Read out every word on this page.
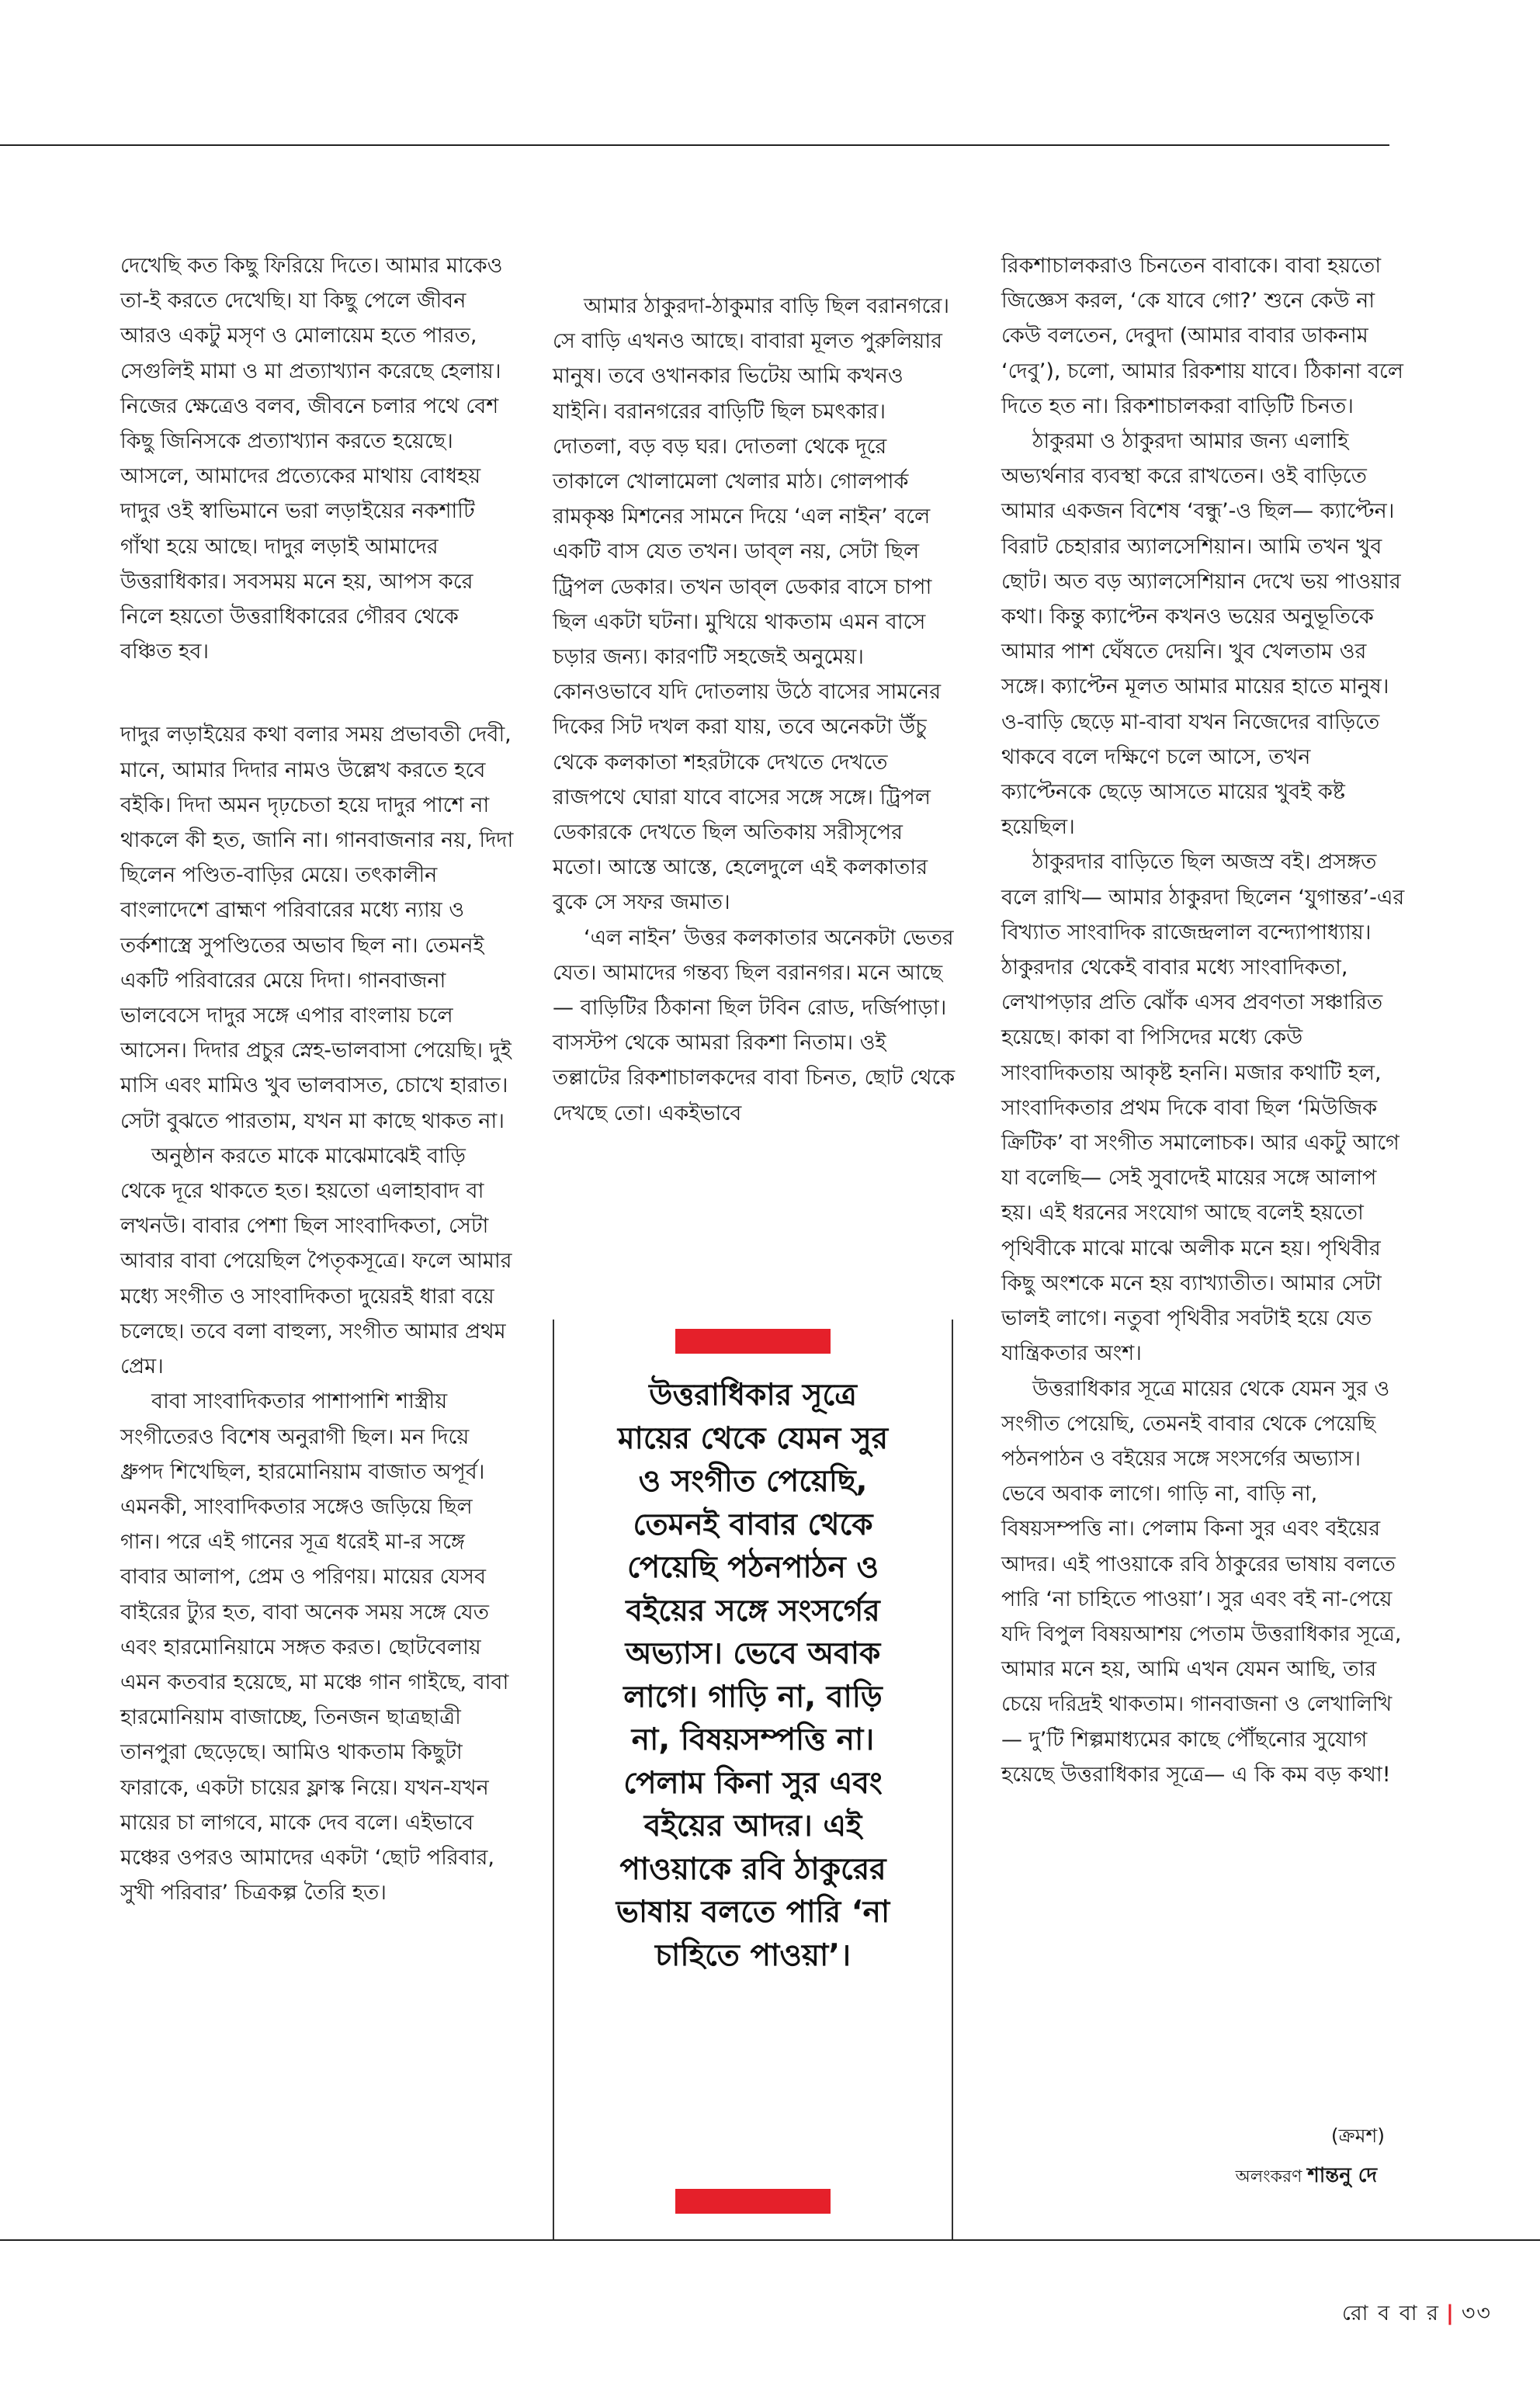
দেখেছি কত কিছু ফিরিয়ে দিতে। আমার মাকেও তা-ই করতে দেখেছি। যা কিছু পেলে জীবন আরও একটু মসৃণ ও মোলায়েম হতে পারত, সেগুলিই মামা ও মা প্রত্যাখ্যান করেছে হেলায়। নিজের ক্ষেত্রেও বলব, জীবনে চলার পথে বেশ কিছু জিনিসকে প্রত্যাখ্যান করতে হয়েছে। আসলে, আমাদের প্রত্যেকের মাথায় বোধহয় দাদুর ওই স্বাভিমানে ভরা লড়াইয়ের নকশাটি গাঁথা হয়ে আছে। দাদুর লড়াই আমাদের উত্তরাধিকার। সবসময় মনে হয়, আপস করে নিলে হয়তো উত্তরাধিকারের গৌরব থেকে বঞ্চিত হব।

দাদুর লড়াইয়ের কথা বলার সময় প্রভাবতী দেবী, মানে, আমার দিদার নামও উল্লেখ করতে হবে বইকি। দিদা অমন দৃঢ়চেতা হয়ে দাদুর পাশে না থাকলে কী হত, জানি না। গানবাজনার নয়, দিদা ছিলেন পণ্ডিত-বাড়ির মেয়ে। তৎকালীন বাংলাদেশে ব্রাহ্মণ পরিবারের মধ্যে ন্যায় ও তর্কশাস্ত্রে সুপণ্ডিতের অভাব ছিল না। তেমনই একটি পরিবারের মেয়ে দিদা। গানবাজনা ভালবেসে দাদুর সঙ্গে এপার বাংলায় চলে আসেন। দিদার প্রচুর স্নেহ-ভালবাসা পেয়েছি। দুই মাসি এবং মামিও খুব ভালবাসত, চোখে হারাত। সেটা বুঝতে পারতাম, যখন মা কাছে থাকত না।

অনুষ্ঠান করতে মাকে মাঝেমাঝেই বাড়ি থেকে দূরে থাকতে হত। হয়তো এলাহাবাদ বা লখনউ। বাবার পেশা ছিল সাংবাদিকতা, সেটা আবার বাবা পেয়েছিল পৈতৃকসূত্রে। ফলে আমার মধ্যে সংগীত ও সাংবাদিকতা দুয়েরই ধারা বয়ে চলেছে। তবে বলা বাহুল্য, সংগীত আমার প্রথম প্রেম।

বাবা সাংবাদিকতার পাশাপাশি শাস্ত্রীয় সংগীতেরও বিশেষ অনুরাগী ছিল। মন দিয়ে ধ্রুপদ শিখেছিল, হারমোনিয়াম বাজাত অপূর্ব। এমনকী, সাংবাদিকতার সঙ্গেও জড়িয়ে ছিল গান। পরে এই গানের সূত্র ধরেই মা-র সঙ্গে বাবার আলাপ, প্রেম ও পরিণয়। মায়ের যেসব বাইরের ট্যুর হত, বাবা অনেক সময় সঙ্গে যেত এবং হারমোনিয়ামে সঙ্গত করত। ছোটবেলায় এমন কতবার হয়েছে, মা মঞ্চে গান গাইছে, বাবা হারমোনিয়াম বাজাচ্ছে, তিনজন ছাত্রছাত্রী তানপুরা ছেড়েছে। আমিও থাকতাম কিছুটা ফারাকে, একটা চায়ের ফ্লাস্ক নিয়ে। যখন-যখন মায়ের চা লাগবে, মাকে দেব বলে। এইভাবে মঞ্চের ওপরও আমাদের একটা ‘ছোট পরিবার, সুখী পরিবার’ চিত্রকল্প তৈরি হত।

আমার ঠাকুরদা-ঠাকুমার বাড়ি ছিল বরানগরে। সে বাড়ি এখনও আছে। বাবারা মূলত পুরুলিয়ার মানুষ। তবে ওখানকার ভিটেয় আমি কখনও যাইনি। বরানগরের বাড়িটি ছিল চমৎকার। দোতলা, বড় বড় ঘর। দোতলা থেকে দূরে তাকালে খোলামেলা খেলার মাঠ। গোলপার্ক রামকৃষ্ণ মিশনের সামনে দিয়ে ‘এল নাইন’ বলে একটি বাস যেত তখন। ডাব্‌ল নয়, সেটা ছিল ট্রিপল ডেকার। তখন ডাব্‌ল ডেকার বাসে চাপা ছিল একটা ঘটনা। মুখিয়ে থাকতাম এমন বাসে চড়ার জন্য। কারণটি সহজেই অনুমেয়। কোনওভাবে যদি দোতলায় উঠে বাসের সামনের দিকের সিট দখল করা যায়, তবে অনেকটা উঁচু থেকে কলকাতা শহরটাকে দেখতে দেখতে রাজপথে ঘোরা যাবে বাসের সঙ্গে সঙ্গে। ট্রিপল ডেকারকে দেখতে ছিল অতিকায় সরীসৃপের মতো। আস্তে আস্তে, হেলেদুলে এই কলকাতার বুকে সে সফর জমাত।

‘এল নাইন’ উত্তর কলকাতার অনেকটা ভেতর যেত। আমাদের গন্তব্য ছিল বরানগর। মনে আছে— বাড়িটির ঠিকানা ছিল টবিন রোড, দর্জিপাড়া। বাসস্টপ থেকে আমরা রিকশা নিতাম। ওই তল্লাটের রিকশাচালকদের বাবা চিনত, ছোট থেকে দেখছে তো। একইভাবে

উত্তরাধিকার সূত্রে মায়ের থেকে যেমন সুর ও সংগীত পেয়েছি, তেমনই বাবার থেকে পেয়েছি পঠনপাঠন ও বইয়ের সঙ্গে সংসর্গের অভ্যাস। ভেবে অবাক লাগে। গাড়ি না, বাড়ি না, বিষয়সম্পত্তি না। পেলাম কিনা সুর এবং বইয়ের আদর। এই পাওয়াকে রবি ঠাকুরের ভাষায় বলতে পারি ‘না চাহিতে পাওয়া’।

রিকশাচালকরাও চিনতেন বাবাকে। বাবা হয়তো জিজ্ঞেস করল, ‘কে যাবে গো?’ শুনে কেউ না কেউ বলতেন, দেবুদা (আমার বাবার ডাকনাম ‘দেবু’), চলো, আমার রিকশায় যাবে। ঠিকানা বলে দিতে হত না। রিকশাচালকরা বাড়িটি চিনত।

ঠাকুরমা ও ঠাকুরদা আমার জন্য এলাহি অভ্যর্থনার ব্যবস্থা করে রাখতেন। ওই বাড়িতে আমার একজন বিশেষ ‘বন্ধু’-ও ছিল— ক্যাপ্টেন। বিরাট চেহারার অ্যালসেশিয়ান। আমি তখন খুব ছোট। অত বড় অ্যালসেশিয়ান দেখে ভয় পাওয়ার কথা। কিন্তু ক্যাপ্টেন কখনও ভয়ের অনুভূতিকে আমার পাশ ঘেঁষতে দেয়নি। খুব খেলতাম ওর সঙ্গে। ক্যাপ্টেন মূলত আমার মায়ের হাতে মানুষ। ও-বাড়ি ছেড়ে মা-বাবা যখন নিজেদের বাড়িতে থাকবে বলে দক্ষিণে চলে আসে, তখন ক্যাপ্টেনকে ছেড়ে আসতে মায়ের খুবই কষ্ট হয়েছিল।

ঠাকুরদার বাড়িতে ছিল অজস্র বই। প্রসঙ্গত বলে রাখি— আমার ঠাকুরদা ছিলেন ‘যুগান্তর’-এর বিখ্যাত সাংবাদিক রাজেন্দ্রলাল বন্দ্যোপাধ্যায়। ঠাকুরদার থেকেই বাবার মধ্যে সাংবাদিকতা, লেখাপড়ার প্রতি ঝোঁক এসব প্রবণতা সঞ্চারিত হয়েছে। কাকা বা পিসিদের মধ্যে কেউ সাংবাদিকতায় আকৃষ্ট হননি। মজার কথাটি হল, সাংবাদিকতার প্রথম দিকে বাবা ছিল ‘মিউজিক ক্রিটিক’ বা সংগীত সমালোচক। আর একটু আগে যা বলেছি— সেই সুবাদেই মায়ের সঙ্গে আলাপ হয়। এই ধরনের সংযোগ আছে বলেই হয়তো পৃথিবীকে মাঝে মাঝে অলীক মনে হয়। পৃথিবীর কিছু অংশকে মনে হয় ব্যাখ্যাতীত। আমার সেটা ভালই লাগে। নতুবা পৃথিবীর সবটাই হয়ে যেত যান্ত্রিকতার অংশ।

উত্তরাধিকার সূত্রে মায়ের থেকে যেমন সুর ও সংগীত পেয়েছি, তেমনই বাবার থেকে পেয়েছি পঠনপাঠন ও বইয়ের সঙ্গে সংসর্গের অভ্যাস। ভেবে অবাক লাগে। গাড়ি না, বাড়ি না, বিষয়সম্পত্তি না। পেলাম কিনা সুর এবং বইয়ের আদর। এই পাওয়াকে রবি ঠাকুরের ভাষায় বলতে পারি ‘না চাহিতে পাওয়া’। সুর এবং বই না-পেয়ে যদি বিপুল বিষয়আশয় পেতাম উত্তরাধিকার সূত্রে, আমার মনে হয়, আমি এখন যেমন আছি, তার চেয়ে দরিদ্রই থাকতাম। গানবাজনা ও লেখালিখি— দু’টি শিল্পমাধ্যমের কাছে পৌঁছনোর সুযোগ হয়েছে উত্তরাধিকার সূত্রে— এ কি কম বড় কথা!

(ক্রমশ)
অলংকরণ শান্তনু দে
রো ব বা র | ৩৩
